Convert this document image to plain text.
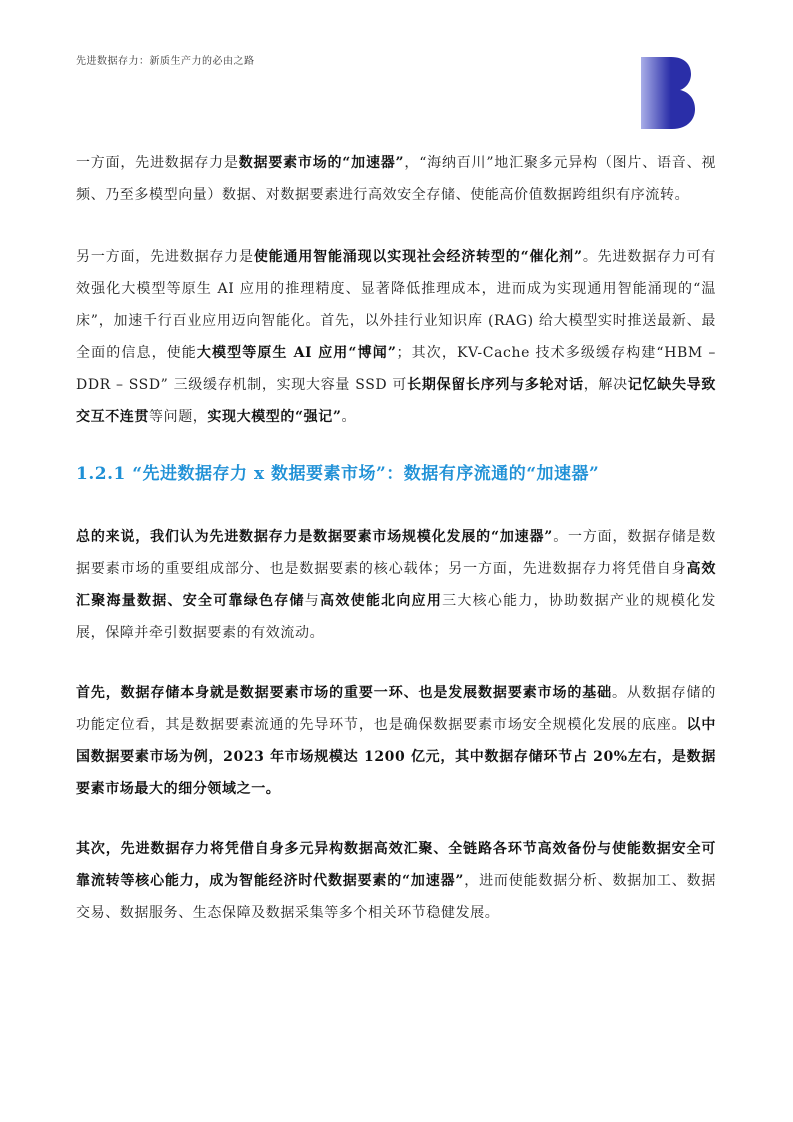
先进数据存力：新质生产力的必由之路

一方面，先进数据存力是数据要素市场的“加速器”，“海纳百川”地汇聚多元异构（图片、语音、视频、乃至多模型向量）数据、对数据要素进行高效安全存储、使能高价值数据跨组织有序流转。

另一方面，先进数据存力是使能通用智能涌现以实现社会经济转型的“催化剂”。先进数据存力可有效强化大模型等原生 AI 应用的推理精度、显著降低推理成本，进而成为实现通用智能涌现的“温床”，加速千行百业应用迈向智能化。首先，以外挂行业知识库 (RAG) 给大模型实时推送最新、最全面的信息，使能大模型等原生 AI 应用“博闻”；其次，KV-Cache 技术多级缓存构建“HBM – DDR – SSD” 三级缓存机制，实现大容量 SSD 可长期保留长序列与多轮对话，解决记忆缺失导致交互不连贯等问题，实现大模型的“强记”。

1.2.1 “先进数据存力 x 数据要素市场”：数据有序流通的“加速器”

总的来说，我们认为先进数据存力是数据要素市场规模化发展的“加速器”。一方面，数据存储是数据要素市场的重要组成部分、也是数据要素的核心载体；另一方面，先进数据存力将凭借自身高效汇聚海量数据、安全可靠绿色存储与高效使能北向应用三大核心能力，协助数据产业的规模化发展，保障并牵引数据要素的有效流动。

首先，数据存储本身就是数据要素市场的重要一环、也是发展数据要素市场的基础。从数据存储的功能定位看，其是数据要素流通的先导环节，也是确保数据要素市场安全规模化发展的底座。以中国数据要素市场为例，2023 年市场规模达 1200 亿元，其中数据存储环节占 20%左右，是数据要素市场最大的细分领域之一。

其次，先进数据存力将凭借自身多元异构数据高效汇聚、全链路各环节高效备份与使能数据安全可靠流转等核心能力，成为智能经济时代数据要素的“加速器”，进而使能数据分析、数据加工、数据交易、数据服务、生态保障及数据采集等多个相关环节稳健发展。
